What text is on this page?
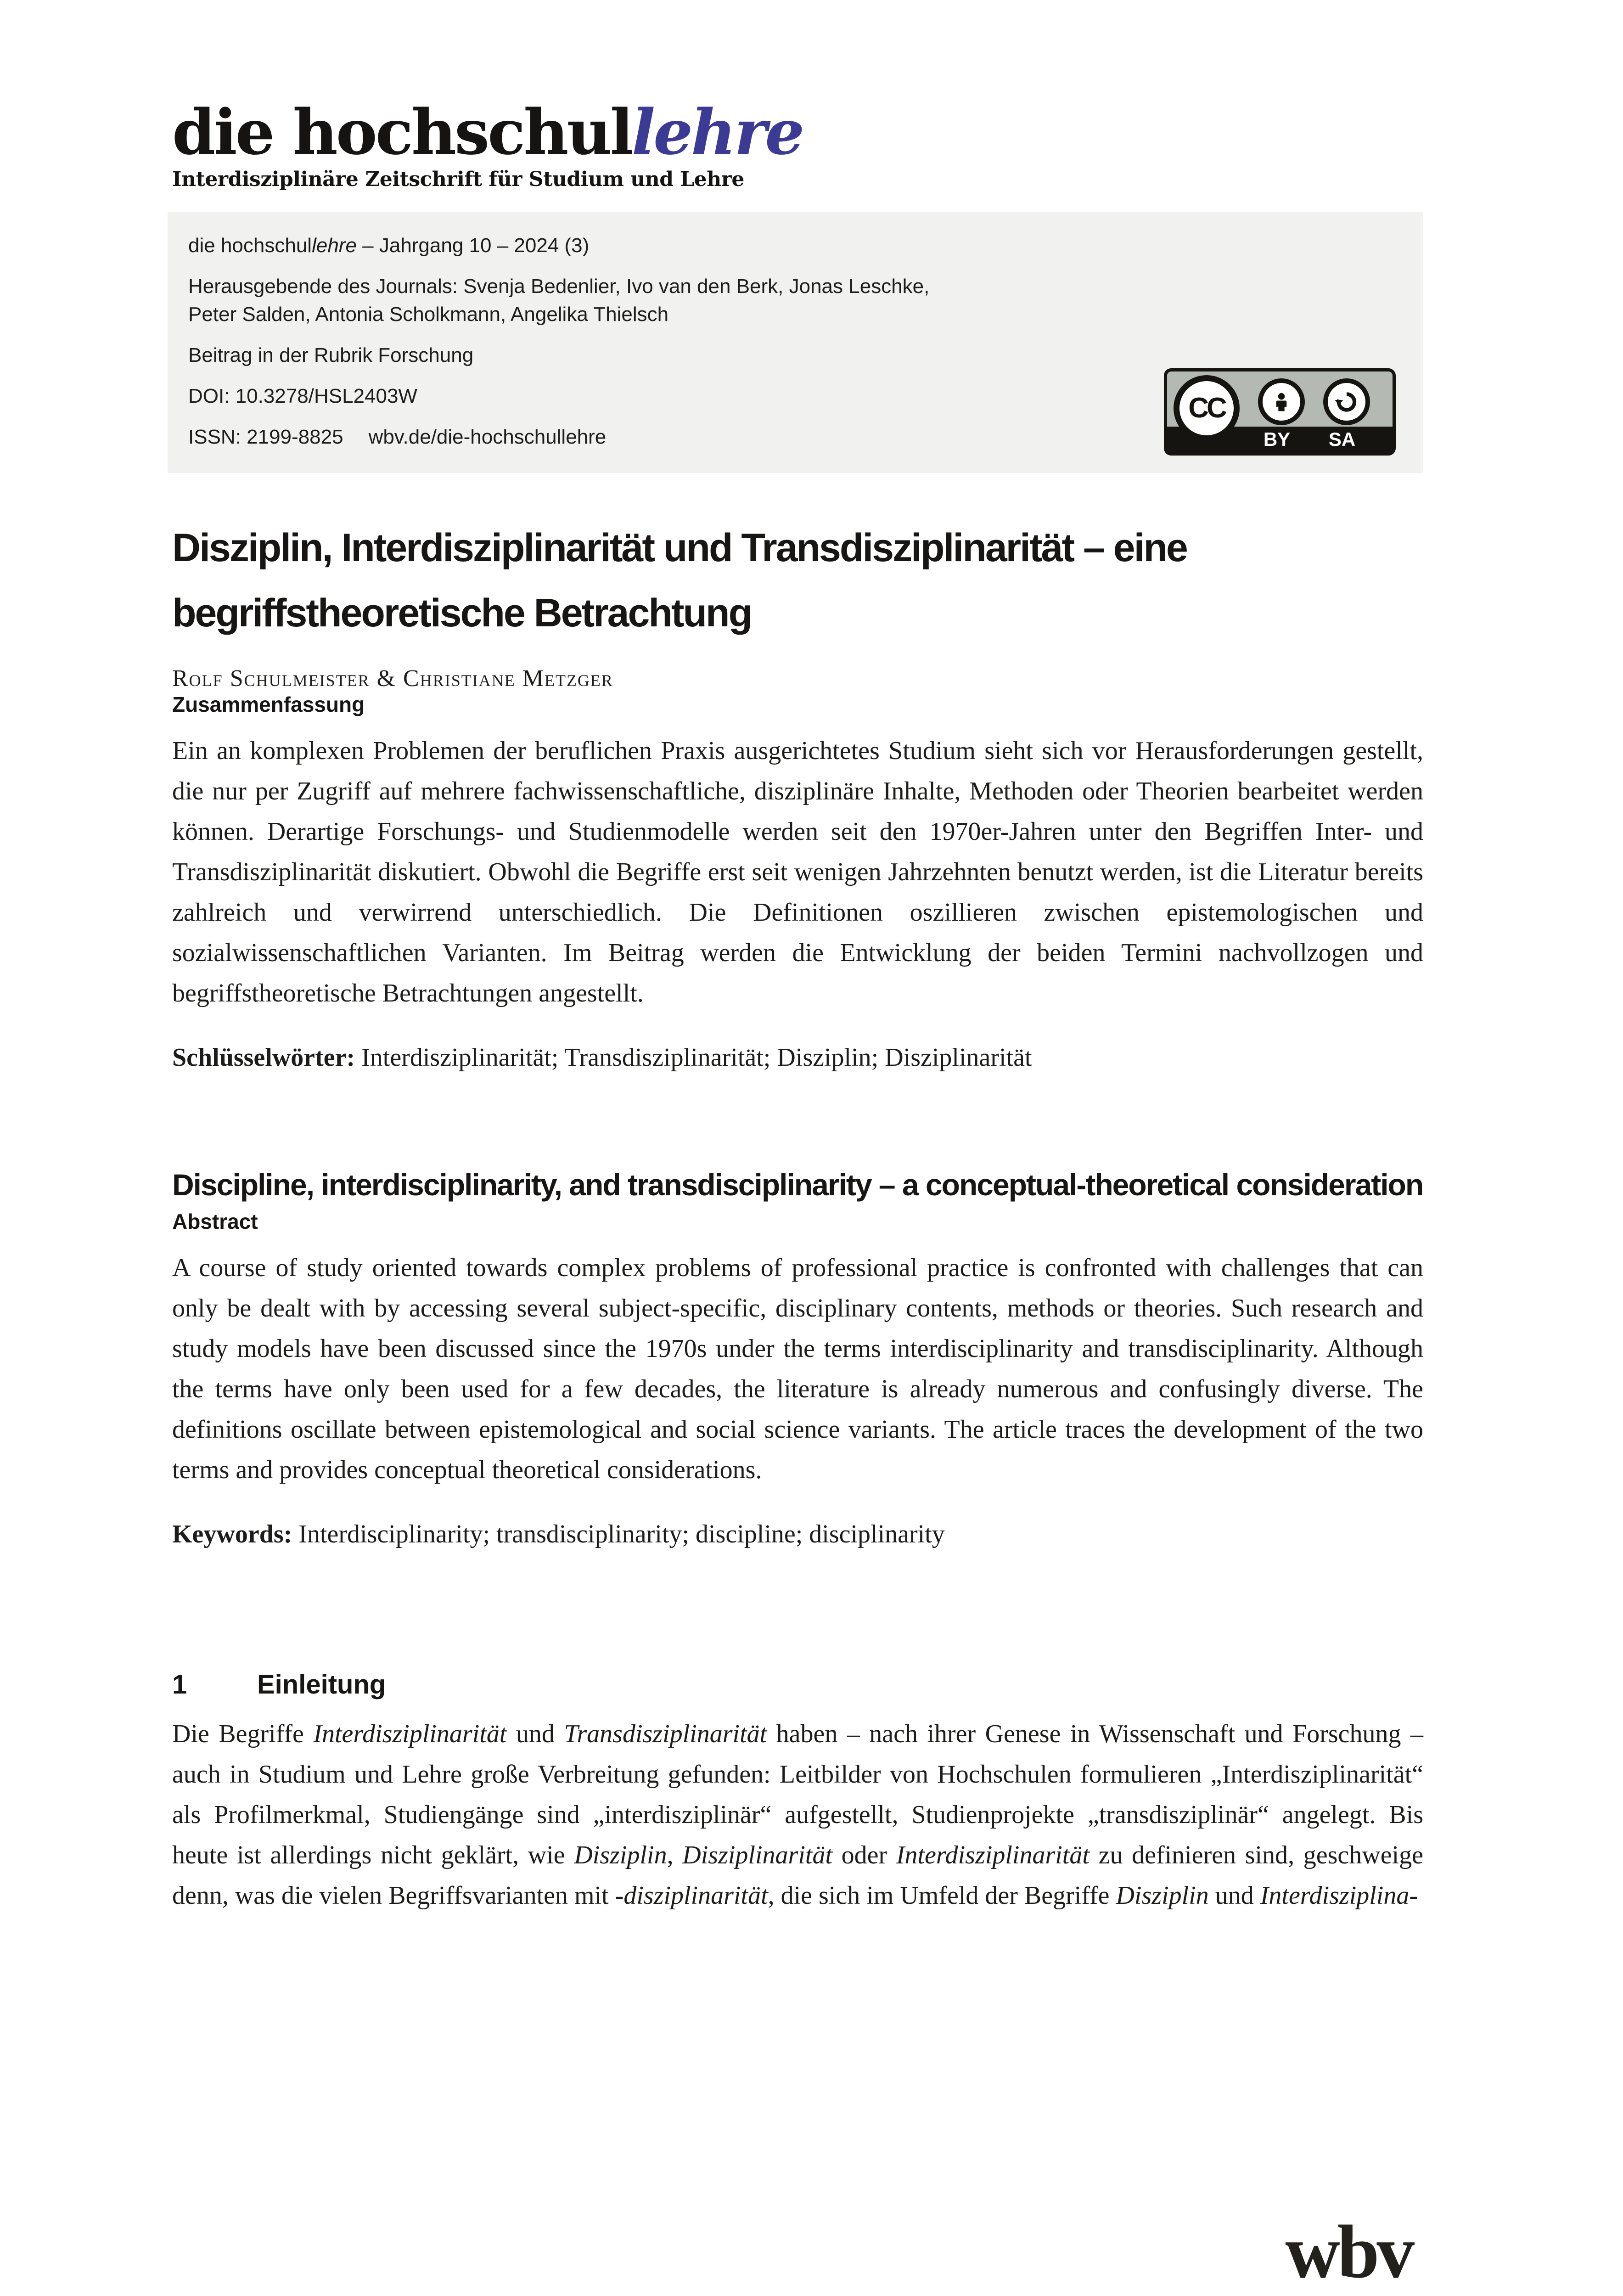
die hochschullehre
Interdisziplinäre Zeitschrift für Studium und Lehre

die hochschullehre – Jahrgang 10 – 2024 (3)

Herausgebende des Journals: Svenja Bedenlier, Ivo van den Berk, Jonas Leschke,
Peter Salden, Antonia Scholkmann, Angelika Thielsch

Beitrag in der Rubrik Forschung

DOI: 10.3278/HSL2403W

ISSN: 2199-8825 wbv.de/die-hochschullehre	BY	SA
CC
Disziplin, Interdisziplinarität und Transdisziplinarität – eine begriffstheoretische Betrachtung
Rolf Schulmeister & Christiane Metzger
Zusammenfassung

Ein an komplexen Problemen der beruflichen Praxis ausgerichtetes Studium sieht sich vor Herausforderungen gestellt, die nur per Zugriff auf mehrere fachwissenschaftliche, disziplinäre Inhalte, Methoden oder Theorien bearbeitet werden können. Derartige Forschungs- und Studienmodelle werden seit den 1970er-Jahren unter den Begriffen Inter- und Transdisziplinarität diskutiert. Obwohl die Begriffe erst seit wenigen Jahrzehnten benutzt werden, ist die Literatur bereits zahlreich und verwirrend unterschiedlich. Die Definitionen oszillieren zwischen epistemologischen und sozialwissenschaftlichen Varianten. Im Beitrag werden die Entwicklung der beiden Termini nachvollzogen und begriffstheoretische Betrachtungen angestellt.

Schlüsselwörter: Interdisziplinarität; Transdisziplinarität; Disziplin; Disziplinarität

Discipline, interdisciplinarity, and transdisciplinarity – a conceptual-theoretical consideration
Abstract

A course of study oriented towards complex problems of professional practice is confronted with challenges that can only be dealt with by accessing several subject-specific, disciplinary contents, methods or theories. Such research and study models have been discussed since the 1970s under the terms interdisciplinarity and transdisciplinarity. Although the terms have only been used for a few decades, the literature is already numerous and confusingly diverse. The definitions oscillate between epistemological and social science variants. The article traces the development of the two terms and provides conceptual theoretical considerations.

Keywords: Interdisciplinarity; transdisciplinarity; discipline; disciplinarity

1	Einleitung

Die Begriffe Interdisziplinarität und Transdisziplinarität haben – nach ihrer Genese in Wissenschaft und Forschung – auch in Studium und Lehre große Verbreitung gefunden: Leitbilder von Hochschulen formulieren „Interdisziplinarität“ als Profilmerkmal, Studiengänge sind „interdisziplinär“ aufgestellt, Studienprojekte „transdisziplinär“ angelegt. Bis heute ist allerdings nicht geklärt, wie Disziplin, Disziplinarität oder Interdisziplinarität zu definieren sind, geschweige denn, was die vielen Begriffsvarianten mit -disziplinarität, die sich im Umfeld der Begriffe Disziplin und Interdisziplina-

wbv
